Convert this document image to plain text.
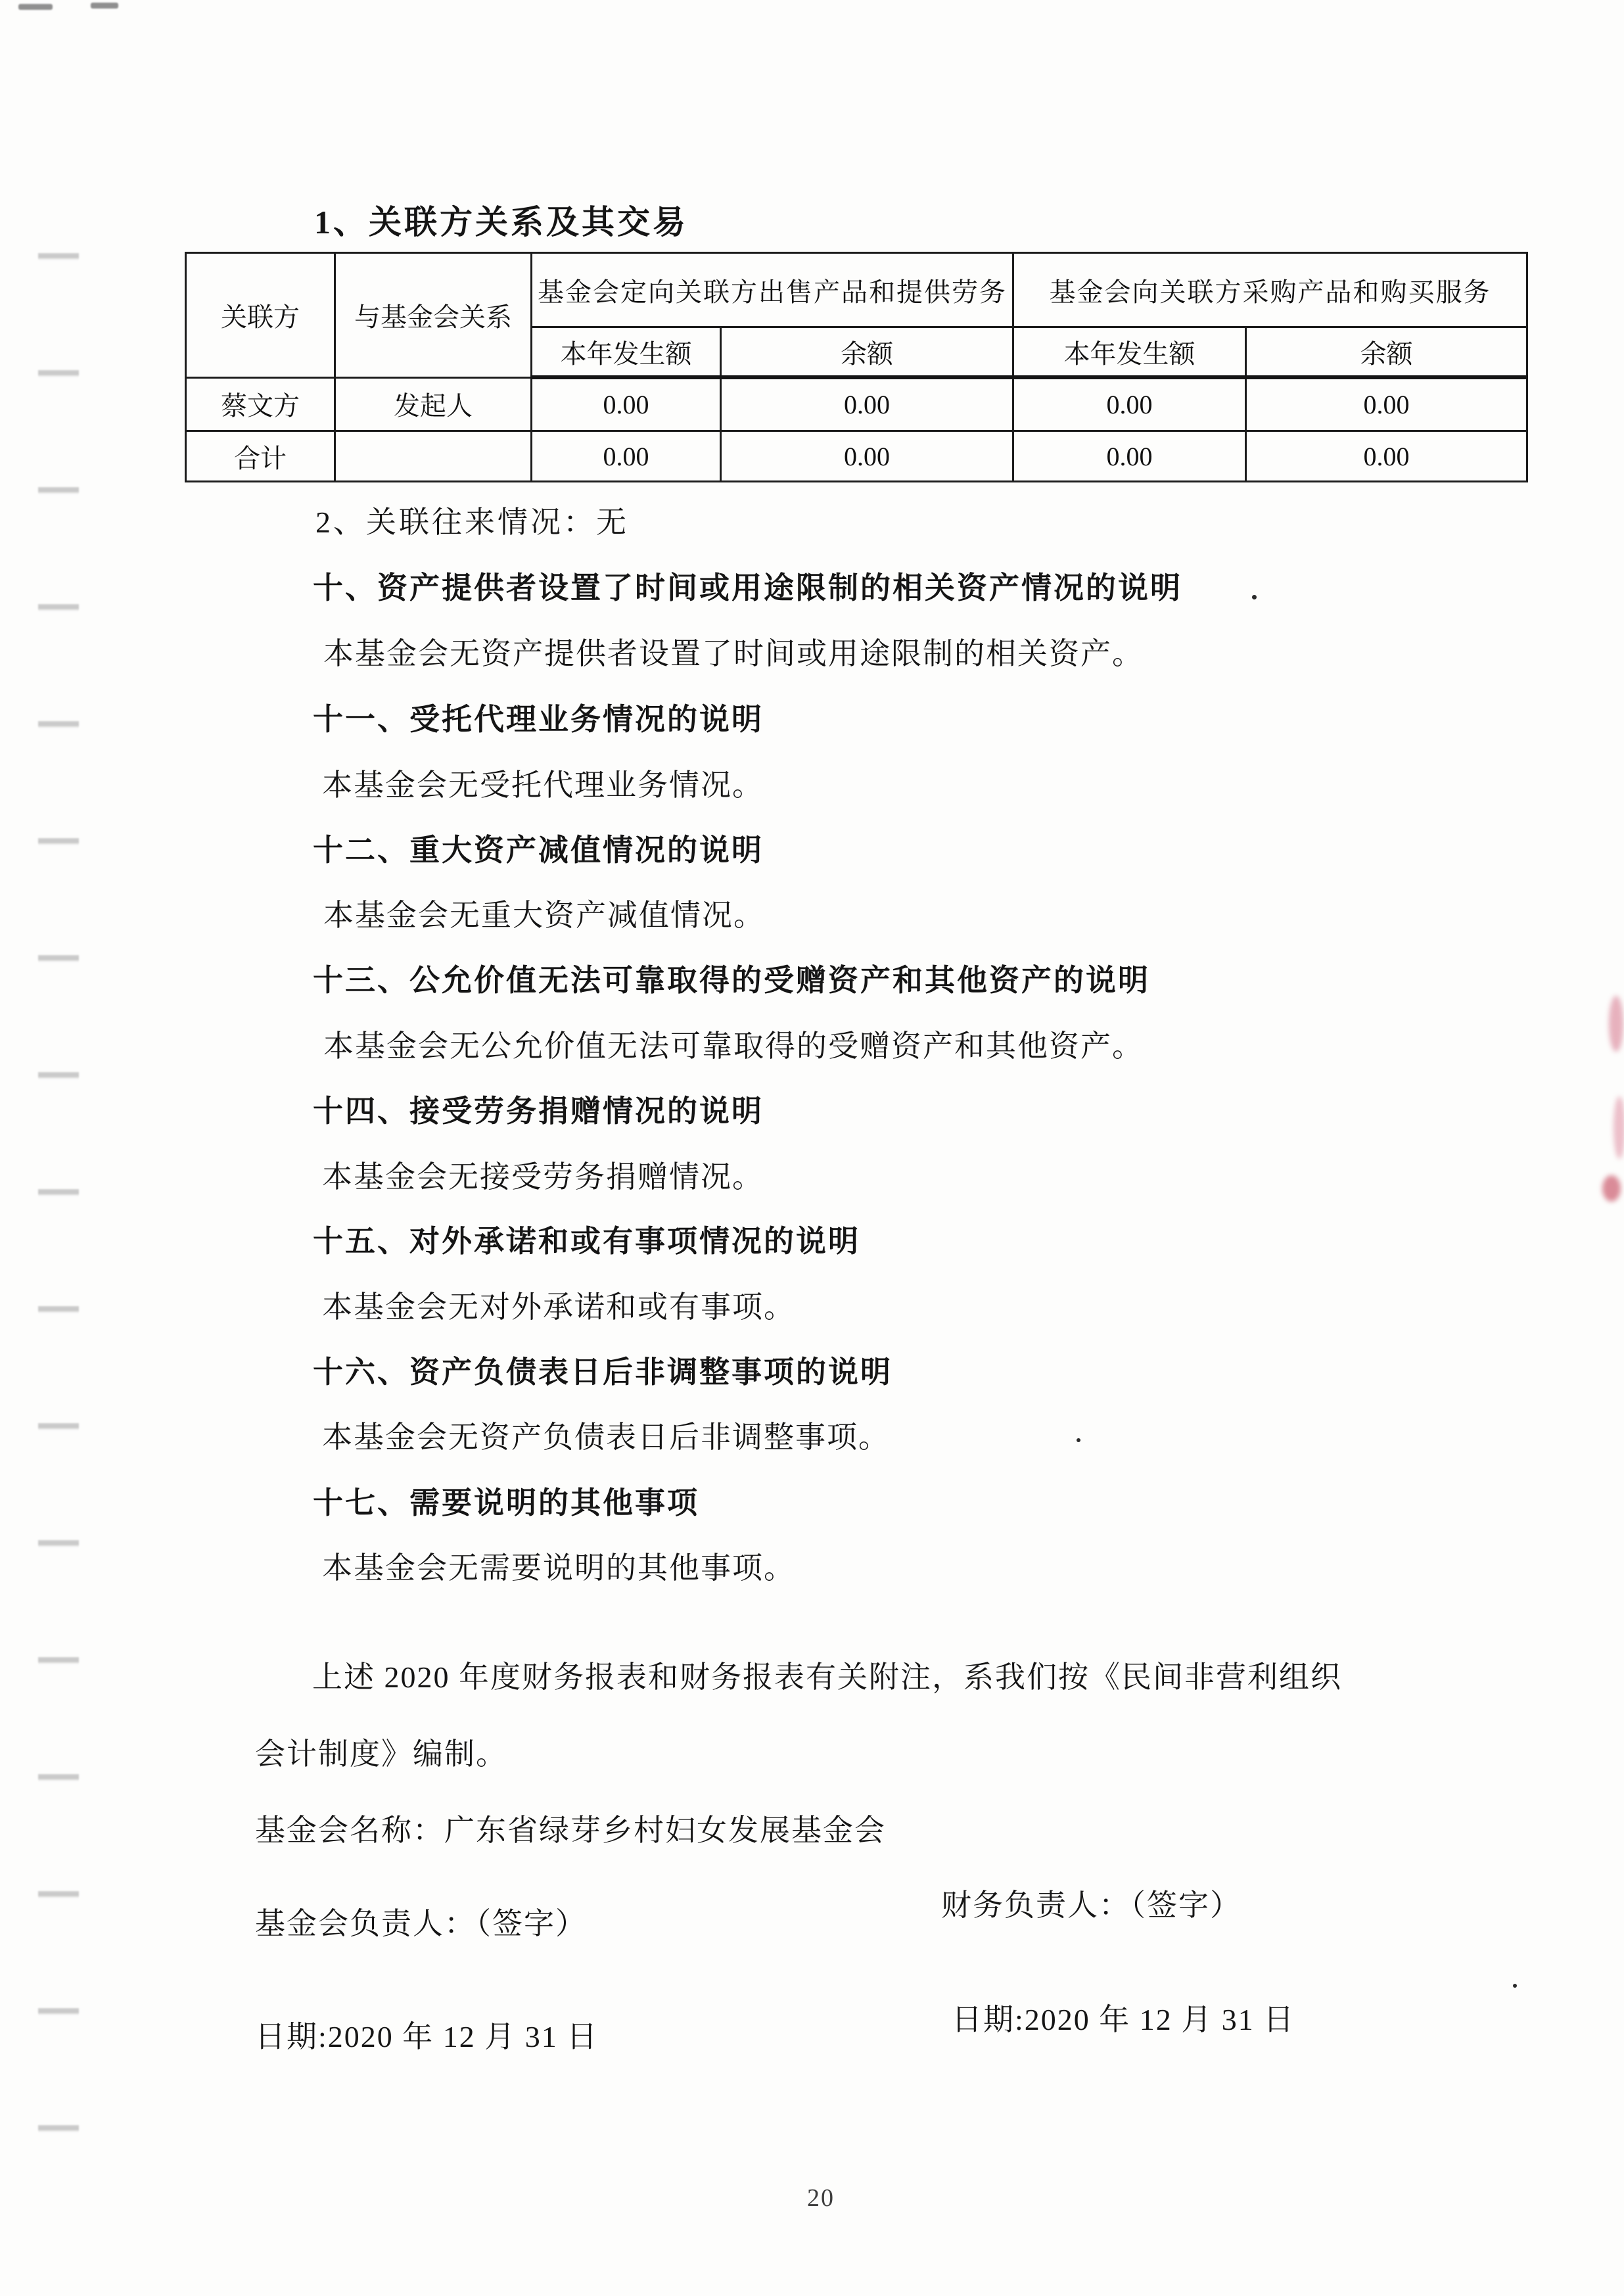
1、关联方关系及其交易
关联方	与基金会关系	基金会定向关联方出售产品和提供劳务		基金会向关联方采购产品和购买服务	
		本年发生额	余额	本年发生额	余额
蔡文方	发起人	0.00	0.00	0.00	0.00
合计		0.00	0.00	0.00	0.00
2、关联往来情况：无
十、资产提供者设置了时间或用途限制的相关资产情况的说明
本基金会无资产提供者设置了时间或用途限制的相关资产。
十一、受托代理业务情况的说明
本基金会无受托代理业务情况。
十二、重大资产减值情况的说明
本基金会无重大资产减值情况。
十三、公允价值无法可靠取得的受赠资产和其他资产的说明
本基金会无公允价值无法可靠取得的受赠资产和其他资产。
十四、接受劳务捐赠情况的说明
本基金会无接受劳务捐赠情况。
十五、对外承诺和或有事项情况的说明
本基金会无对外承诺和或有事项。
十六、资产负债表日后非调整事项的说明
本基金会无资产负债表日后非调整事项。
十七、需要说明的其他事项
本基金会无需要说明的其他事项。
上述 2020 年度财务报表和财务报表有关附注，系我们按《民间非营利组织
会计制度》编制。
基金会名称：广东省绿芽乡村妇女发展基金会
基金会负责人：（签字）
财务负责人：（签字）
日期:2020 年 12 月 31 日
日期:2020 年 12 月 31 日
20
